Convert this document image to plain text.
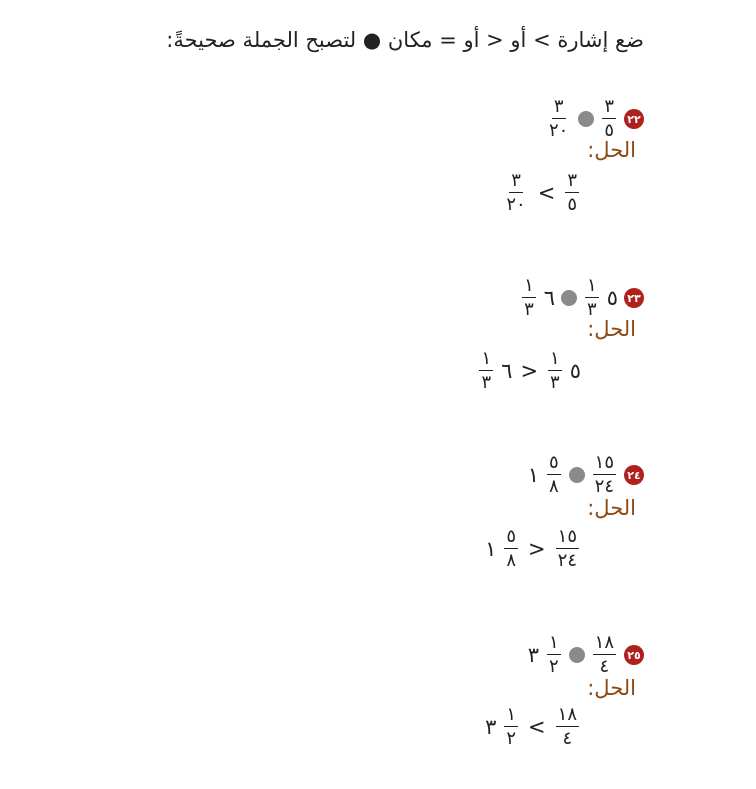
ضع إشارة > أو < أو = مكان ● لتصبح الجملة صحيحةً:
٢٢
$\frac{٣}{٥}$
$\frac{٣}{٢٠}$
الحل:
$\frac{٣}{٥}$
>
$\frac{٣}{٢٠}$
٢٣
٥
$\frac{١}{٣}$
٦
$\frac{١}{٣}$
الحل:
٥
$\frac{١}{٣}$
<
٦
$\frac{١}{٣}$
٢٤
$\frac{١٥}{٢٤}$
$\frac{٥}{٨}$
١
الحل:
$\frac{١٥}{٢٤}$
<
$\frac{٥}{٨}$
١
٢٥
$\frac{١٨}{٤}$
$\frac{١}{٢}$
٣
الحل:
$\frac{١٨}{٤}$
>
$\frac{١}{٢}$
٣
